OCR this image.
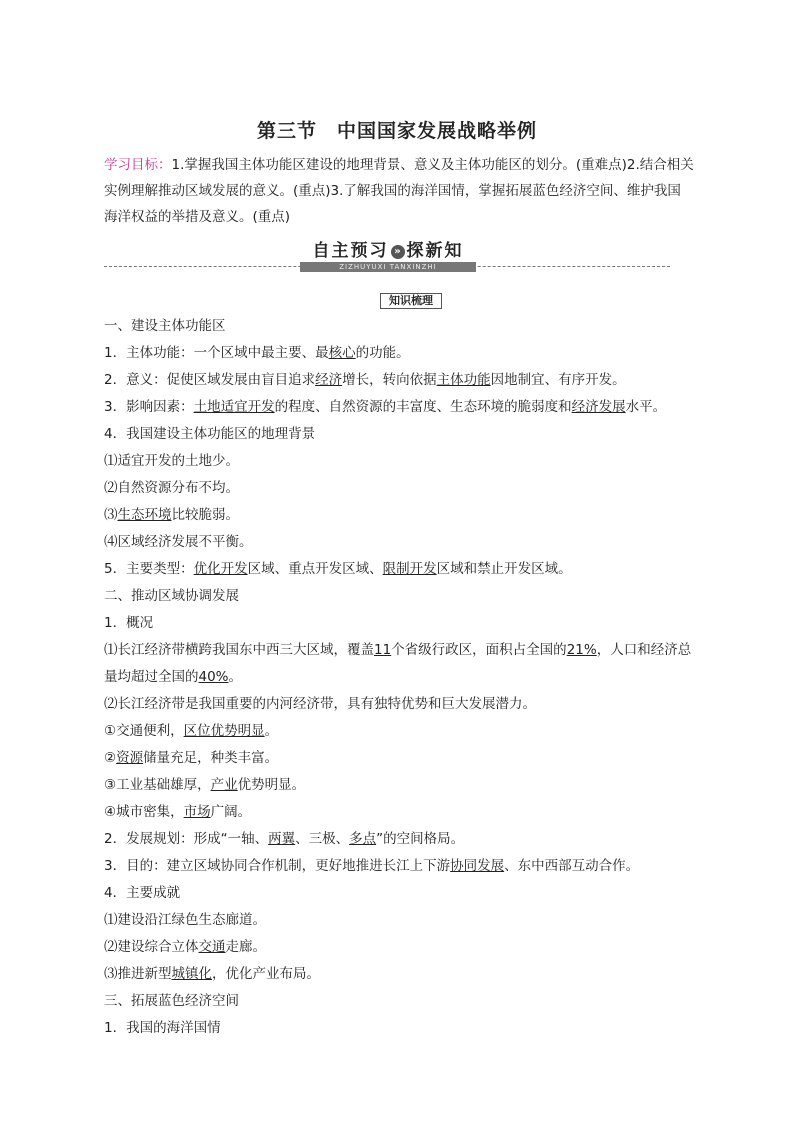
第三节　中国国家发展战略举例
学习目标：1.掌握我国主体功能区建设的地理背景、意义及主体功能区的划分。(重难点)2.结合相关实例理解推动区域发展的意义。(重点)3.了解我国的海洋国情，掌握拓展蓝色经济空间、维护我国海洋权益的举措及意义。(重点)
自主预习 » 探新知
ZIZHUYUXI TANXINZHI
知识梳理

一、建设主体功能区

1．主体功能：一个区域中最主要、最核心的功能。

2．意义：促使区域发展由盲目追求经济增长，转向依据主体功能因地制宜、有序开发。

3．影响因素：土地适宜开发的程度、自然资源的丰富度、生态环境的脆弱度和经济发展水平。

4．我国建设主体功能区的地理背景

⑴适宜开发的土地少。

⑵自然资源分布不均。

⑶生态环境比较脆弱。

⑷区域经济发展不平衡。

5．主要类型：优化开发区域、重点开发区域、限制开发区域和禁止开发区域。

二、推动区域协调发展

1．概况

⑴长江经济带横跨我国东中西三大区域，覆盖11个省级行政区，面积占全国的21%，人口和经济总量均超过全国的40%。

⑵长江经济带是我国重要的内河经济带，具有独特优势和巨大发展潜力。

①交通便利，区位优势明显。

②资源储量充足，种类丰富。

③工业基础雄厚，产业优势明显。

④城市密集，市场广阔。

2．发展规划：形成“一轴、两翼、三极、多点”的空间格局。

3．目的：建立区域协同合作机制，更好地推进长江上下游协同发展、东中西部互动合作。

4．主要成就

⑴建设沿江绿色生态廊道。

⑵建设综合立体交通走廊。

⑶推进新型城镇化，优化产业布局。

三、拓展蓝色经济空间

1．我国的海洋国情
